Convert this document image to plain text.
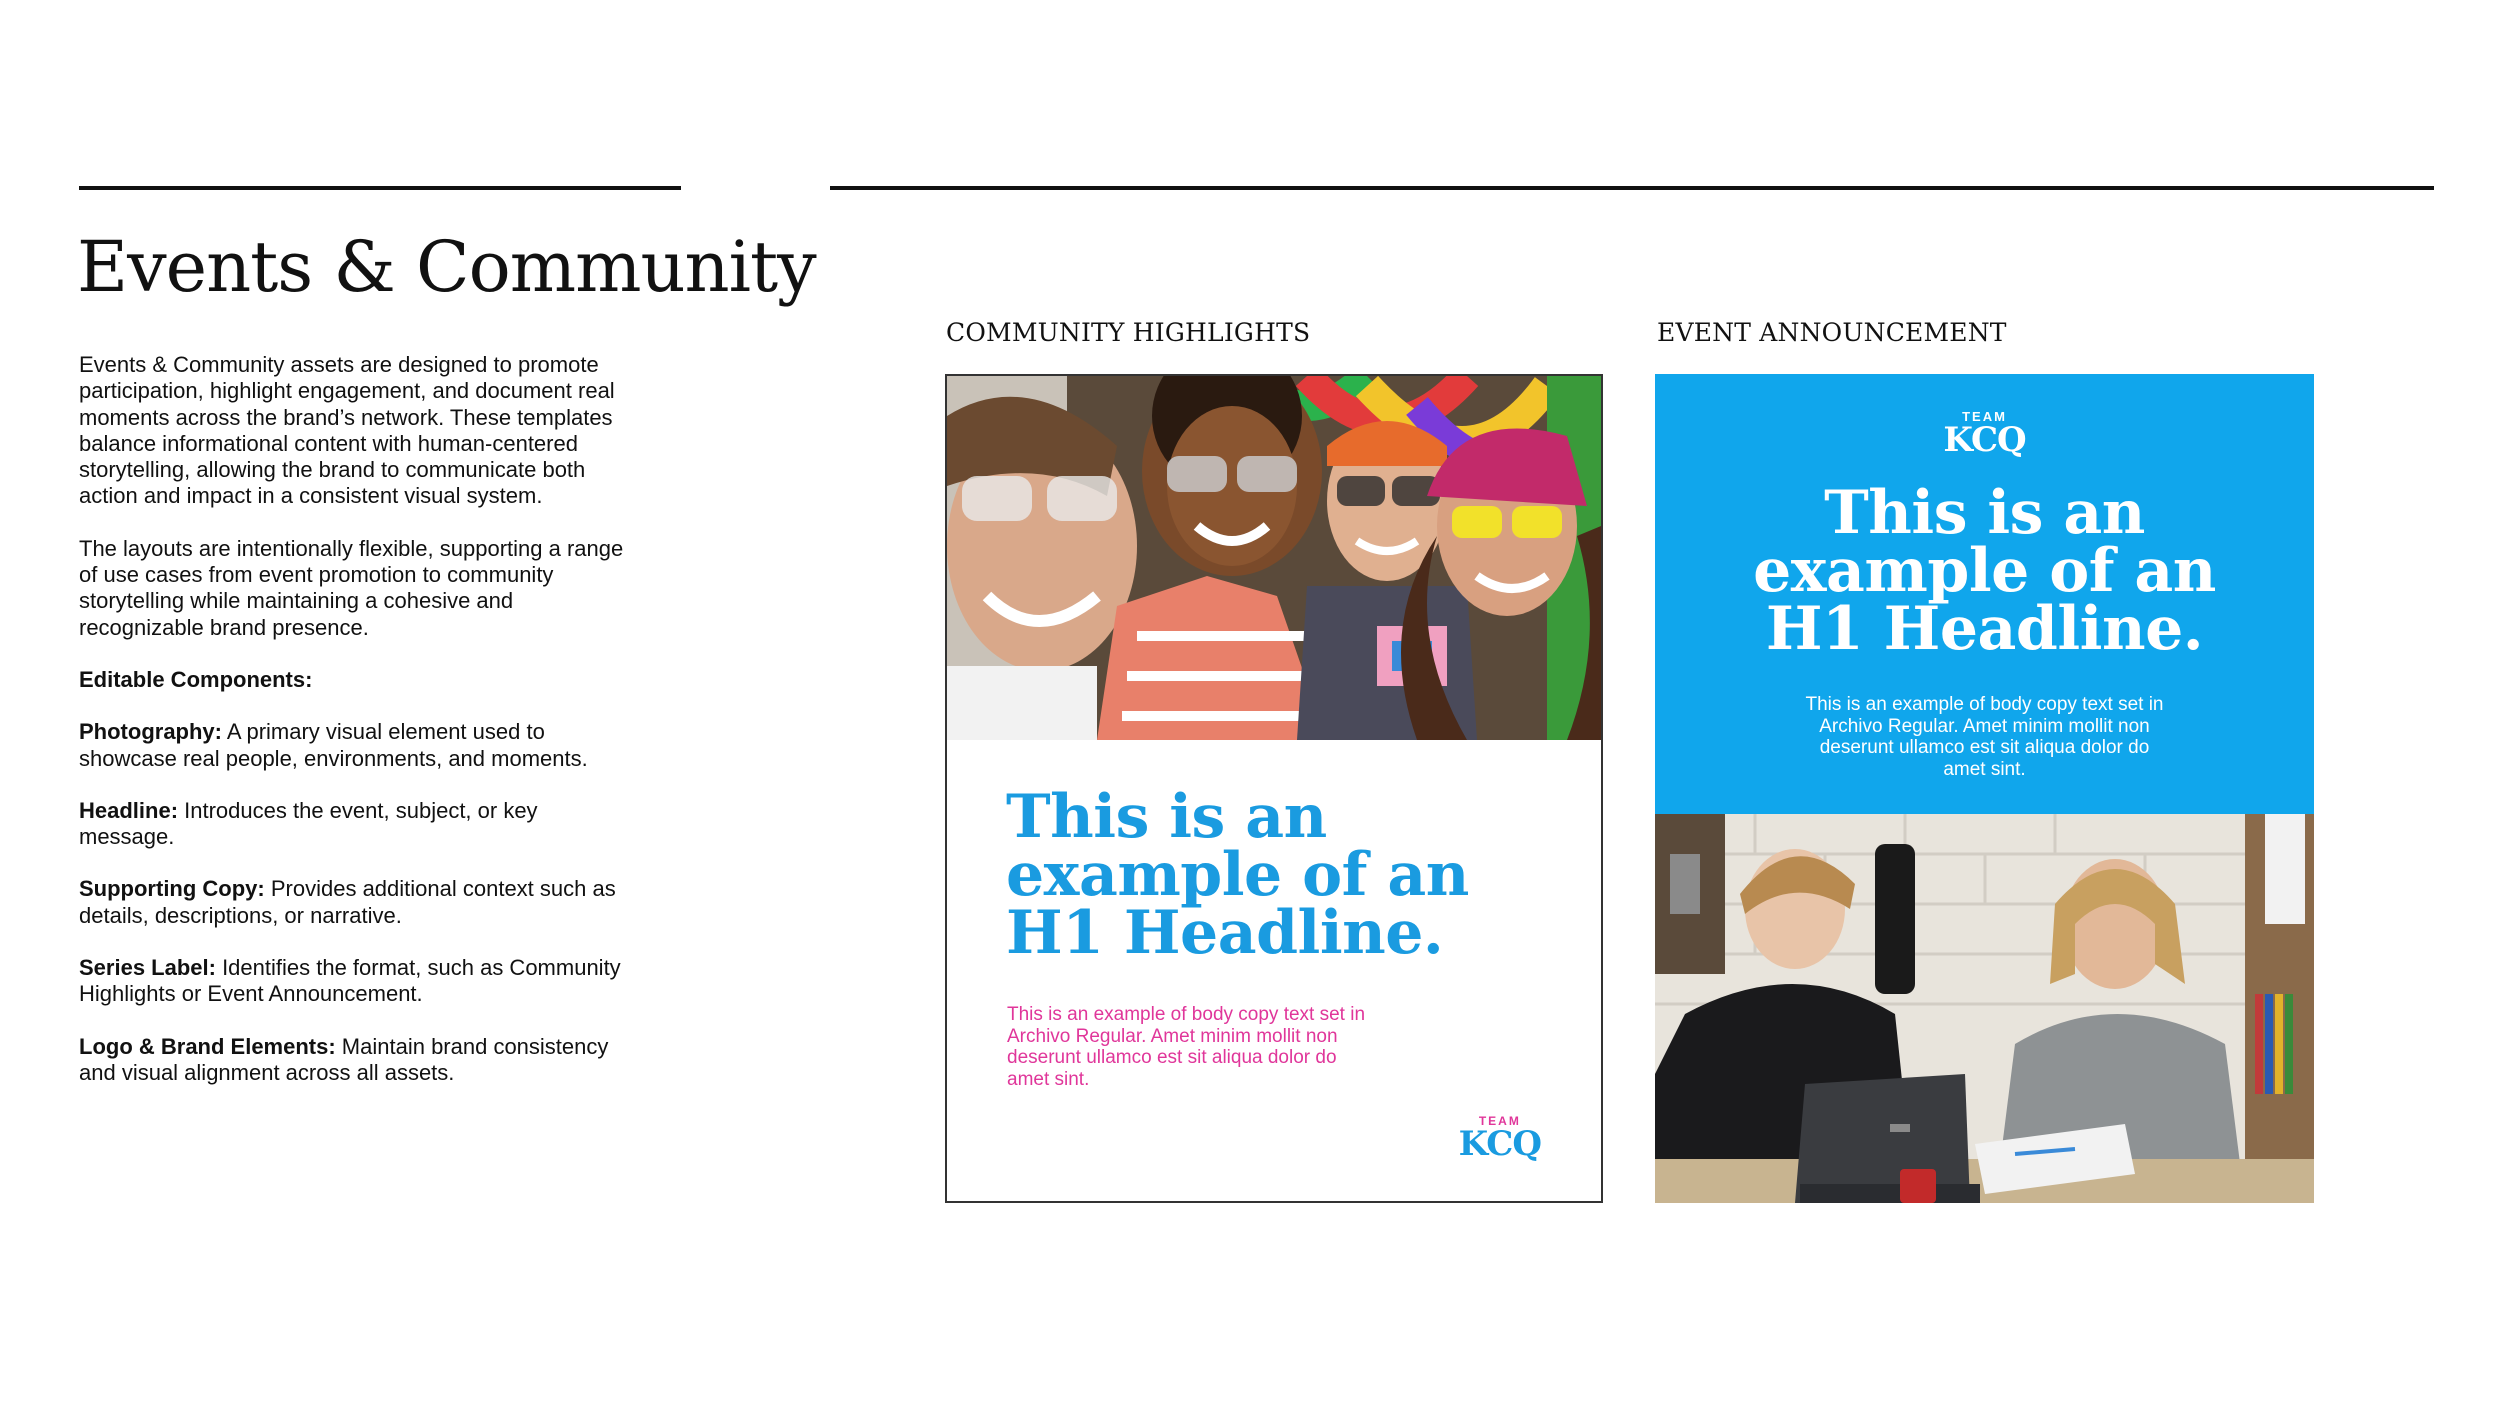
Events & Community

Events & Community assets are designed to promote participation, highlight engagement, and document real moments across the brand’s network. These templates balance informational content with human-centered storytelling, allowing the brand to communicate both action and impact in a consistent visual system.

The layouts are intentionally flexible, supporting a range of use cases from event promotion to community storytelling while maintaining a cohesive and recognizable brand presence.

Editable Components:

Photography: A primary visual element used to showcase real people, environments, and moments.

Headline: Introduces the event, subject, or key message.

Supporting Copy: Provides additional context such as details, descriptions, or narrative.

Series Label: Identifies the format, such as Community Highlights or Event Announcement.

Logo & Brand Elements: Maintain brand consistency and visual alignment across all assets.

COMMUNITY HIGHLIGHTS	EVENT ANNOUNCEMENT
This is an
example of an
H1 Headline.
This is an example of body copy text set in Archivo Regular. Amet minim mollit non deserunt ullamco est sit aliqua dolor do amet sint.
TEAM
KCQ
TEAM
KCQ
This is an
example of an
H1 Headline.
This is an example of body copy text set in Archivo Regular. Amet minim mollit non deserunt ullamco est sit aliqua dolor do amet sint.
